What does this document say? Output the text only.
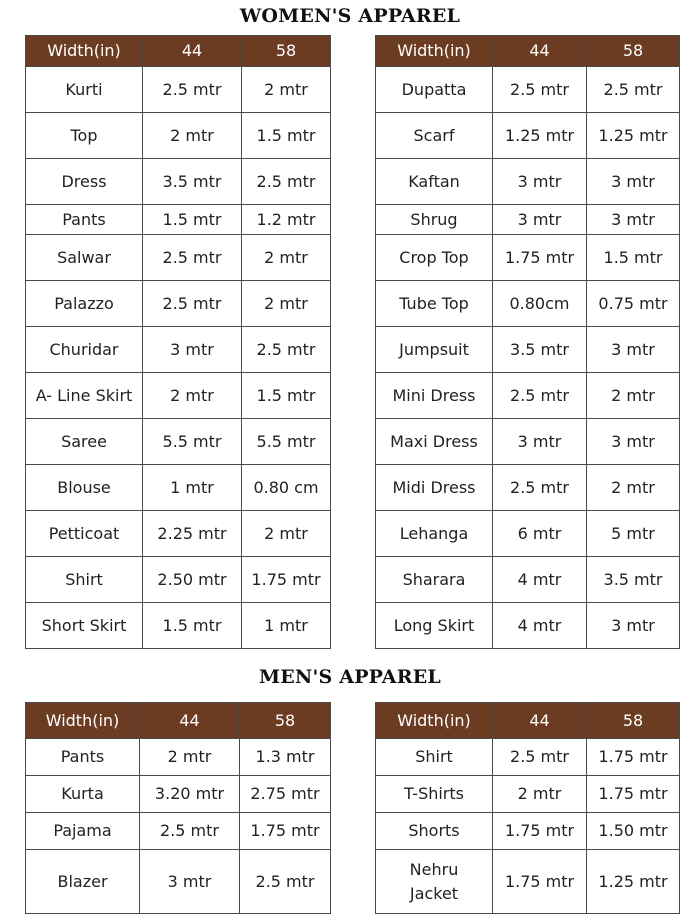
WOMEN'S APPAREL
Width(in)	44	58
Kurti	2.5 mtr	2 mtr
Top	2 mtr	1.5 mtr
Dress	3.5 mtr	2.5 mtr
Pants	1.5 mtr	1.2 mtr
Salwar	2.5 mtr	2 mtr
Palazzo	2.5 mtr	2 mtr
Churidar	3 mtr	2.5 mtr
A- Line Skirt	2 mtr	1.5 mtr
Saree	5.5 mtr	5.5 mtr
Blouse	1 mtr	0.80 cm
Petticoat	2.25 mtr	2 mtr
Shirt	2.50 mtr	1.75 mtr
Short Skirt	1.5 mtr	1 mtr
Width(in)	44	58
Dupatta	2.5 mtr	2.5 mtr
Scarf	1.25 mtr	1.25 mtr
Kaftan	3 mtr	3 mtr
Shrug	3 mtr	3 mtr
Crop Top	1.75 mtr	1.5 mtr
Tube Top	0.80cm	0.75 mtr
Jumpsuit	3.5 mtr	3 mtr
Mini Dress	2.5 mtr	2 mtr
Maxi Dress	3 mtr	3 mtr
Midi Dress	2.5 mtr	2 mtr
Lehanga	6 mtr	5 mtr
Sharara	4 mtr	3.5 mtr
Long Skirt	4 mtr	3 mtr
MEN'S APPAREL
Width(in)	44	58
Pants	2 mtr	1.3 mtr
Kurta	3.20 mtr	2.75 mtr
Pajama	2.5 mtr	1.75 mtr
Blazer	3 mtr	2.5 mtr
Width(in)	44	58
Shirt	2.5 mtr	1.75 mtr
T-Shirts	2 mtr	1.75 mtr
Shorts	1.75 mtr	1.50 mtr
Nehru Jacket	1.75 mtr	1.25 mtr
